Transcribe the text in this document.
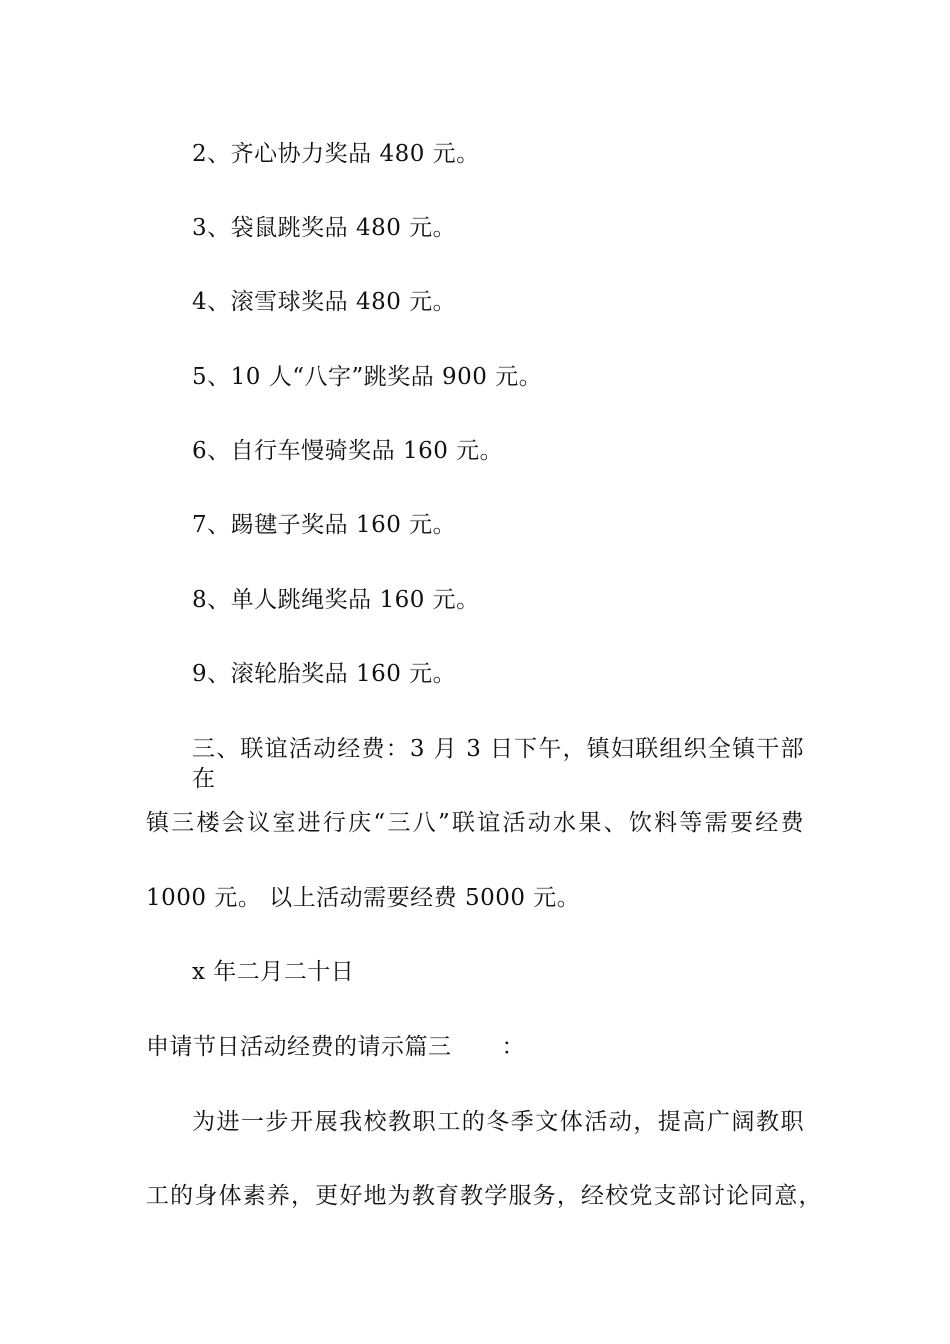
2、齐心协力奖品 480 元。
3、袋鼠跳奖品 480 元。
4、滚雪球奖品 480 元。
5、10 人“八字”跳奖品 900 元。
6、自行车慢骑奖品 160 元。
7、踢毽子奖品 160 元。
8、单人跳绳奖品 160 元。
9、滚轮胎奖品 160 元。
三、联谊活动经费：3 月 3 日下午，镇妇联组织全镇干部在
镇三楼会议室进行庆“三八”联谊活动水果、饮料等需要经费
1000 元。 以上活动需要经费 5000 元。
x 年二月二十日
申请节日活动经费的请示篇三 ：
为进一步开展我校教职工的冬季文体活动，提高广阔教职
工的身体素养，更好地为教育教学服务，经校党支部讨论同意，
